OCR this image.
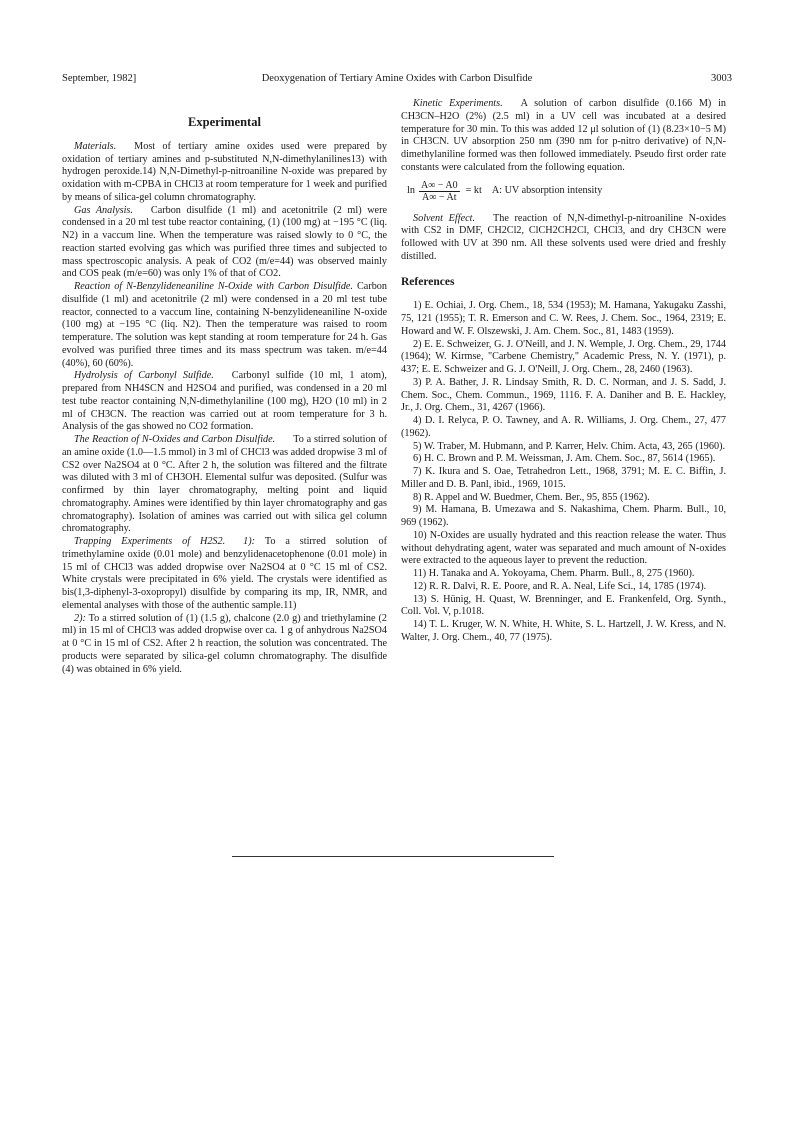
September, 1982]	Deoxygenation of Tertiary Amine Oxides with Carbon Disulfide	3003

Experimental

Materials. Most of tertiary amine oxides used were prepared by oxidation of tertiary amines and p-substituted N,N-dimethylanilines13) with hydrogen peroxide.14) N,N-Dimethyl-p-nitroaniline N-oxide was prepared by oxidation with m-CPBA in CHCl3 at room temperature for 1 week and purified by means of silica-gel column chromatography.

Gas Analysis. Carbon disulfide (1 ml) and acetonitrile (2 ml) were condensed in a 20 ml test tube reactor containing, (1) (100 mg) at −195 °C (liq. N2) in a vaccum line. When the temperature was raised slowly to 0 °C, the reaction started evolving gas which was purified three times and subjected to mass spectroscopic analysis. A peak of CO2 (m/e=44) was observed mainly and COS peak (m/e=60) was only 1% of that of CO2.

Reaction of N-Benzylideneaniline N-Oxide with Carbon Disulfide. Carbon disulfide (1 ml) and acetonitrile (2 ml) were condensed in a 20 ml test tube reactor, connected to a vaccum line, containing N-benzylideneaniline N-oxide (100 mg) at −195 °C (liq. N2). Then the temperature was raised to room temperature. The solution was kept standing at room temperature for 24 h. Gas evolved was purified three times and its mass spectrum was taken. m/e=44 (40%), 60 (60%).

Hydrolysis of Carbonyl Sulfide. Carbonyl sulfide (10 ml, 1 atom), prepared from NH4SCN and H2SO4 and purified, was condensed in a 20 ml test tube reactor containing N,N-dimethylaniline (100 mg), H2O (10 ml) in 2 ml of CH3CN. The reaction was carried out at room temperature for 3 h. Analysis of the gas showed no CO2 formation.

The Reaction of N-Oxides and Carbon Disulfide. To a stirred solution of an amine oxide (1.0—1.5 mmol) in 3 ml of CHCl3 was added dropwise 3 ml of CS2 over Na2SO4 at 0 °C. After 2 h, the solution was filtered and the filtrate was diluted with 3 ml of CH3OH. Elemental sulfur was deposited. (Sulfur was confirmed by thin layer chromatography, melting point and liquid chromatography. Amines were identified by thin layer chromatography and gas chromatography). Isolation of amines was carried out with silica gel column chromatography.

Trapping Experiments of H2S2. 1): To a stirred solution of trimethylamine oxide (0.01 mole) and benzylidenacetophenone (0.01 mole) in 15 ml of CHCl3 was added dropwise over Na2SO4 at 0 °C 15 ml of CS2. White crystals were precipitated in 6% yield. The crystals were identified as bis(1,3-diphenyl-3-oxopropyl) disulfide by comparing its mp, IR, NMR, and elemental analyses with those of the authentic sample.11)

2): To a stirred solution of (1) (1.5 g), chalcone (2.0 g) and triethylamine (2 ml) in 15 ml of CHCl3 was added dropwise over ca. 1 g of anhydrous Na2SO4 at 0 °C in 15 ml of CS2. After 2 h reaction, the solution was concentrated. The products were separated by silica-gel column chromatography. The disulfide (4) was obtained in 6% yield.

Kinetic Experiments. A solution of carbon disulfide (0.166 M) in CH3CN–H2O (2%) (2.5 ml) in a UV cell was incubated at a desired temperature for 30 min. To this was added 12 μl solution of (1) (8.23×10−5 M) in CH3CN. UV absorption 250 nm (390 nm for p-nitro derivative) of N,N-dimethylaniline formed was then followed immediately. Pseudo first order rate constants were calculated from the following equation.

$\ln \frac{A\infty - A0}{A\infty - At}$ = kt A: UV absorption intensity

Solvent Effect. The reaction of N,N-dimethyl-p-nitroaniline N-oxides with CS2 in DMF, CH2Cl2, ClCH2CH2Cl, CHCl3, and dry CH3CN were followed with UV at 390 nm. All these solvents used were dried and freshly distilled.

References

1) E. Ochiai, J. Org. Chem., 18, 534 (1953); M. Hamana, Yakugaku Zasshi, 75, 121 (1955); T. R. Emerson and C. W. Rees, J. Chem. Soc., 1964, 2319; E. Howard and W. F. Olszewski, J. Am. Chem. Soc., 81, 1483 (1959).

2) E. E. Schweizer, G. J. O'Neill, and J. N. Wemple, J. Org. Chem., 29, 1744 (1964); W. Kirmse, "Carbene Chemistry," Academic Press, N. Y. (1971), p. 437; E. E. Schweizer and G. J. O'Neill, J. Org. Chem., 28, 2460 (1963).

3) P. A. Bather, J. R. Lindsay Smith, R. D. C. Norman, and J. S. Sadd, J. Chem. Soc., Chem. Commun., 1969, 1116. F. A. Daniher and B. E. Hackley, Jr., J. Org. Chem., 31, 4267 (1966).

4) D. I. Relyca, P. O. Tawney, and A. R. Williams, J. Org. Chem., 27, 477 (1962).

5) W. Traber, M. Hubmann, and P. Karrer, Helv. Chim. Acta, 43, 265 (1960).

6) H. C. Brown and P. M. Weissman, J. Am. Chem. Soc., 87, 5614 (1965).

7) K. Ikura and S. Oae, Tetrahedron Lett., 1968, 3791; M. E. C. Biffin, J. Miller and D. B. Panl, ibid., 1969, 1015.

8) R. Appel and W. Buedmer, Chem. Ber., 95, 855 (1962).

9) M. Hamana, B. Umezawa and S. Nakashima, Chem. Pharm. Bull., 10, 969 (1962).

10) N-Oxides are usually hydrated and this reaction release the water. Thus without dehydrating agent, water was separated and much amount of N-oxides were extracted to the aqueous layer to prevent the reduction.

11) H. Tanaka and A. Yokoyama, Chem. Pharm. Bull., 8, 275 (1960).

12) R. R. Dalvi, R. E. Poore, and R. A. Neal, Life Sci., 14, 1785 (1974).

13) S. Hünig, H. Quast, W. Brenninger, and E. Frankenfeld, Org. Synth., Coll. Vol. V, p.1018.

14) T. L. Kruger, W. N. White, H. White, S. L. Hartzell, J. W. Kress, and N. Walter, J. Org. Chem., 40, 77 (1975).
